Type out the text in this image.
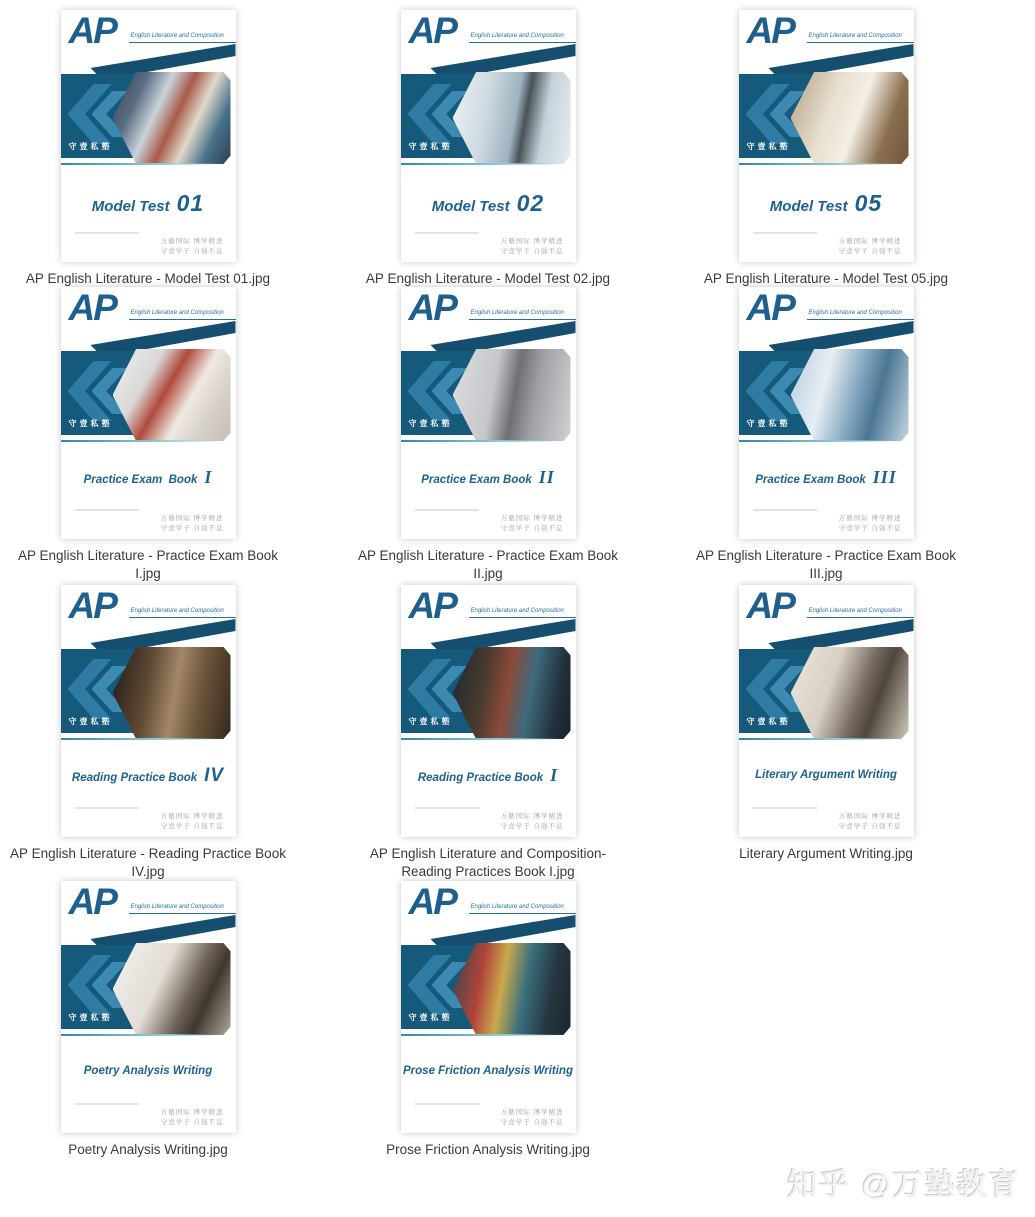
知乎 @万塾教育
AP English Literature and Composition
守壹私塾
Model Test 01
万塾国际 博学精进
守壹学子 自强不息
AP English Literature - Model Test 01.jpg
AP English Literature and Composition
守壹私塾
Model Test 02
万塾国际 博学精进
守壹学子 自强不息
AP English Literature - Model Test 02.jpg
AP English Literature and Composition
守壹私塾
Model Test 05
万塾国际 博学精进
守壹学子 自强不息
AP English Literature - Model Test 05.jpg
AP English Literature and Composition
守壹私塾
Practice Exam  Book I
万塾国际 博学精进
守壹学子 自强不息
AP English Literature - Practice Exam Book I.jpg
AP English Literature and Composition
守壹私塾
Practice Exam Book II
万塾国际 博学精进
守壹学子 自强不息
AP English Literature - Practice Exam Book II.jpg
AP English Literature and Composition
守壹私塾
Practice Exam Book III
万塾国际 博学精进
守壹学子 自强不息
AP English Literature - Practice Exam Book III.jpg
AP English Literature and Composition
守壹私塾
Reading Practice Book IV
万塾国际 博学精进
守壹学子 自强不息
AP English Literature - Reading Practice Book IV.jpg
AP English Literature and Composition
守壹私塾
Reading Practice Book I
万塾国际 博学精进
守壹学子 自强不息
AP English Literature and Composition- Reading Practices Book I.jpg
AP English Literature and Composition
守壹私塾
Literary Argument Writing
万塾国际 博学精进
守壹学子 自强不息
Literary Argument Writing.jpg
AP English Literature and Composition
守壹私塾
Poetry Analysis Writing
万塾国际 博学精进
守壹学子 自强不息
Poetry Analysis Writing.jpg
AP English Literature and Composition
守壹私塾
Prose Friction Analysis Writing
万塾国际 博学精进
守壹学子 自强不息
Prose Friction Analysis Writing.jpg
